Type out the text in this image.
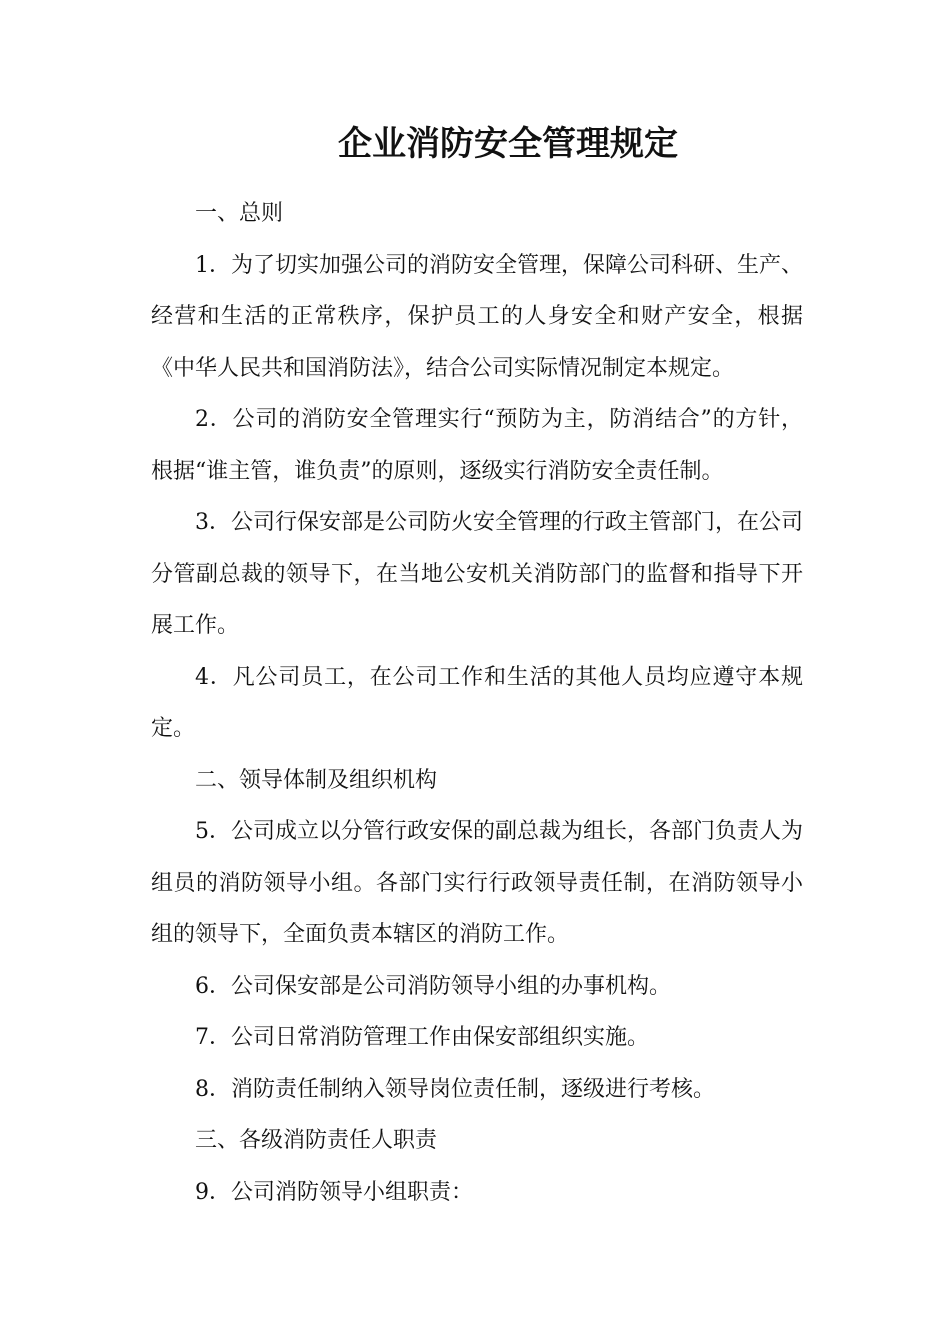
企业消防安全管理规定

一、总则

1．为了切实加强公司的消防安全管理，保障公司科研、生产、经营和生活的正常秩序，保护员工的人身安全和财产安全，根据《中华人民共和国消防法》，结合公司实际情况制定本规定。

2．公司的消防安全管理实行“预防为主，防消结合”的方针，根据“谁主管，谁负责”的原则，逐级实行消防安全责任制。

3．公司行保安部是公司防火安全管理的行政主管部门，在公司分管副总裁的领导下，在当地公安机关消防部门的监督和指导下开展工作。

4．凡公司员工，在公司工作和生活的其他人员均应遵守本规定。

二、领导体制及组织机构

5．公司成立以分管行政安保的副总裁为组长，各部门负责人为组员的消防领导小组。各部门实行行政领导责任制，在消防领导小组的领导下，全面负责本辖区的消防工作。

6．公司保安部是公司消防领导小组的办事机构。

7．公司日常消防管理工作由保安部组织实施。

8．消防责任制纳入领导岗位责任制，逐级进行考核。

三、各级消防责任人职责

9．公司消防领导小组职责：
